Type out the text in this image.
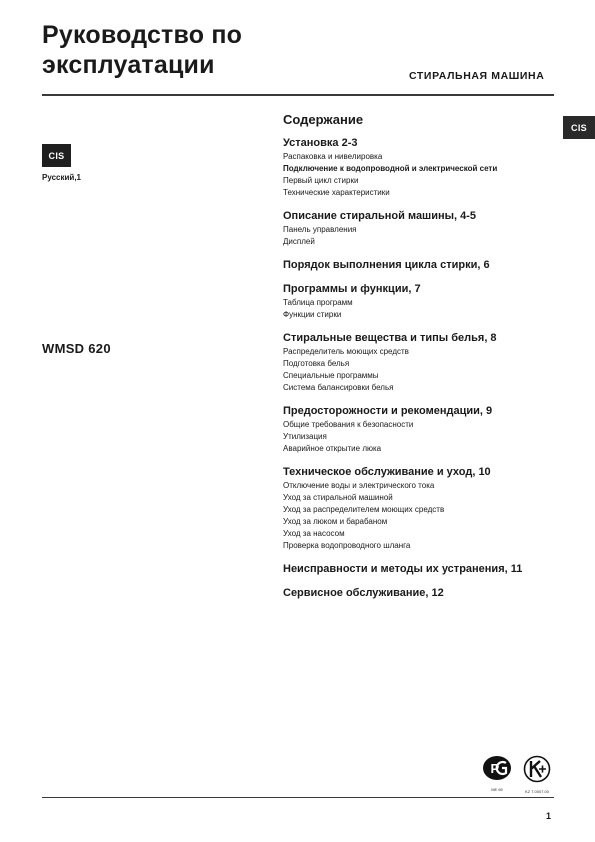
Руководство по эксплуатации	СТИРАЛЬНАЯ МАШИНА
CIS
Русский,1
WMSD 620
CIS
Содержание
Установка 2-3
Распаковка и нивелировка
Подключение к водопроводной и электрической сети
Первый цикл стирки
Технические характеристики
Описание стиральной машины, 4-5
Панель управления
Дисплей
Порядок выполнения цикла стирки, 6
Программы и функции, 7
Таблица программ
Функции стирки
Стиральные вещества и типы белья, 8
Распределитель моющих средств
Подготовка белья
Специальные программы
Система балансировки белья
Предосторожности и рекомендации, 9
Общие требования к безопасности
Утилизация
Аварийное открытие люка
Техническое обслуживание и уход, 10
Отключение воды и электрического тока
Уход за стиральной машиной
Уход за распределителем моющих средств
Уход за люком и барабаном
Уход за насосом
Проверка водопроводного шланга
Неисправности и методы их устранения, 11
Сервисное обслуживание, 12
Р
МЕ 65	KZ 7.0007.00
1
